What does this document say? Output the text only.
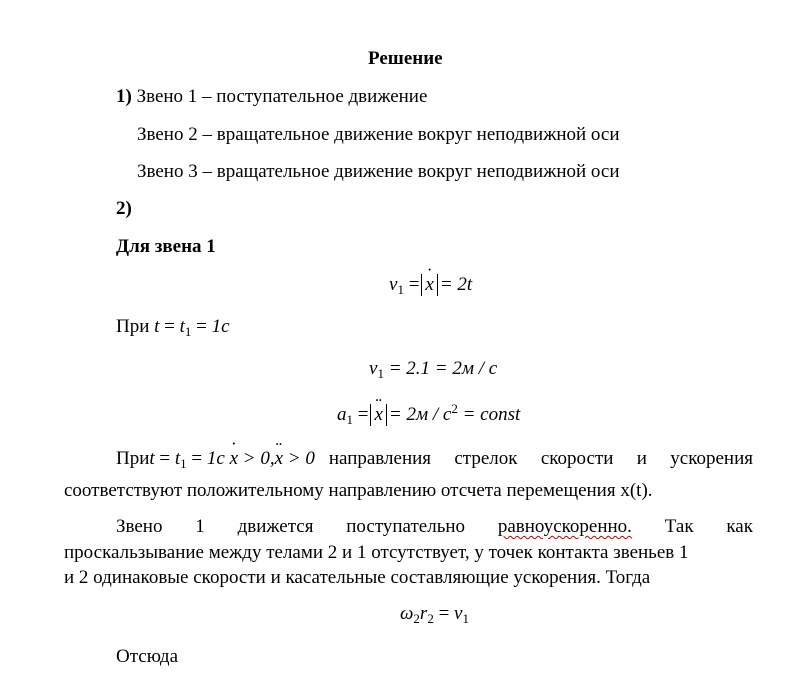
Решение
1) Звено 1 – поступательное движение
Звено 2 – вращательное движение вокруг неподвижной оси
Звено 3 – вращательное движение вокруг неподвижной оси
2)
Для звена 1
$v_1 = x$ ˙ = 2t
При $t = t_1 = 1c$
$v_1 = 2.1 = 2м / c$
$a_1 = x$ ¨ = $2м / c^2$ = const
При $t = t_1 = 1c$ x ˙ > 0,x ¨ > 0 направления стрелок скорости и ускорения
соответствуют положительному направлению отсчета перемещения x(t).
Звено 1 движется поступательно равноускоренно. Так как
проскальзывание между телами 2 и 1 отсутствует, у точек контакта звеньев 1
и 2 одинаковые скорости и касательные составляющие ускорения. Тогда
$\omega_2r_2 = v_1$
Отсюда
